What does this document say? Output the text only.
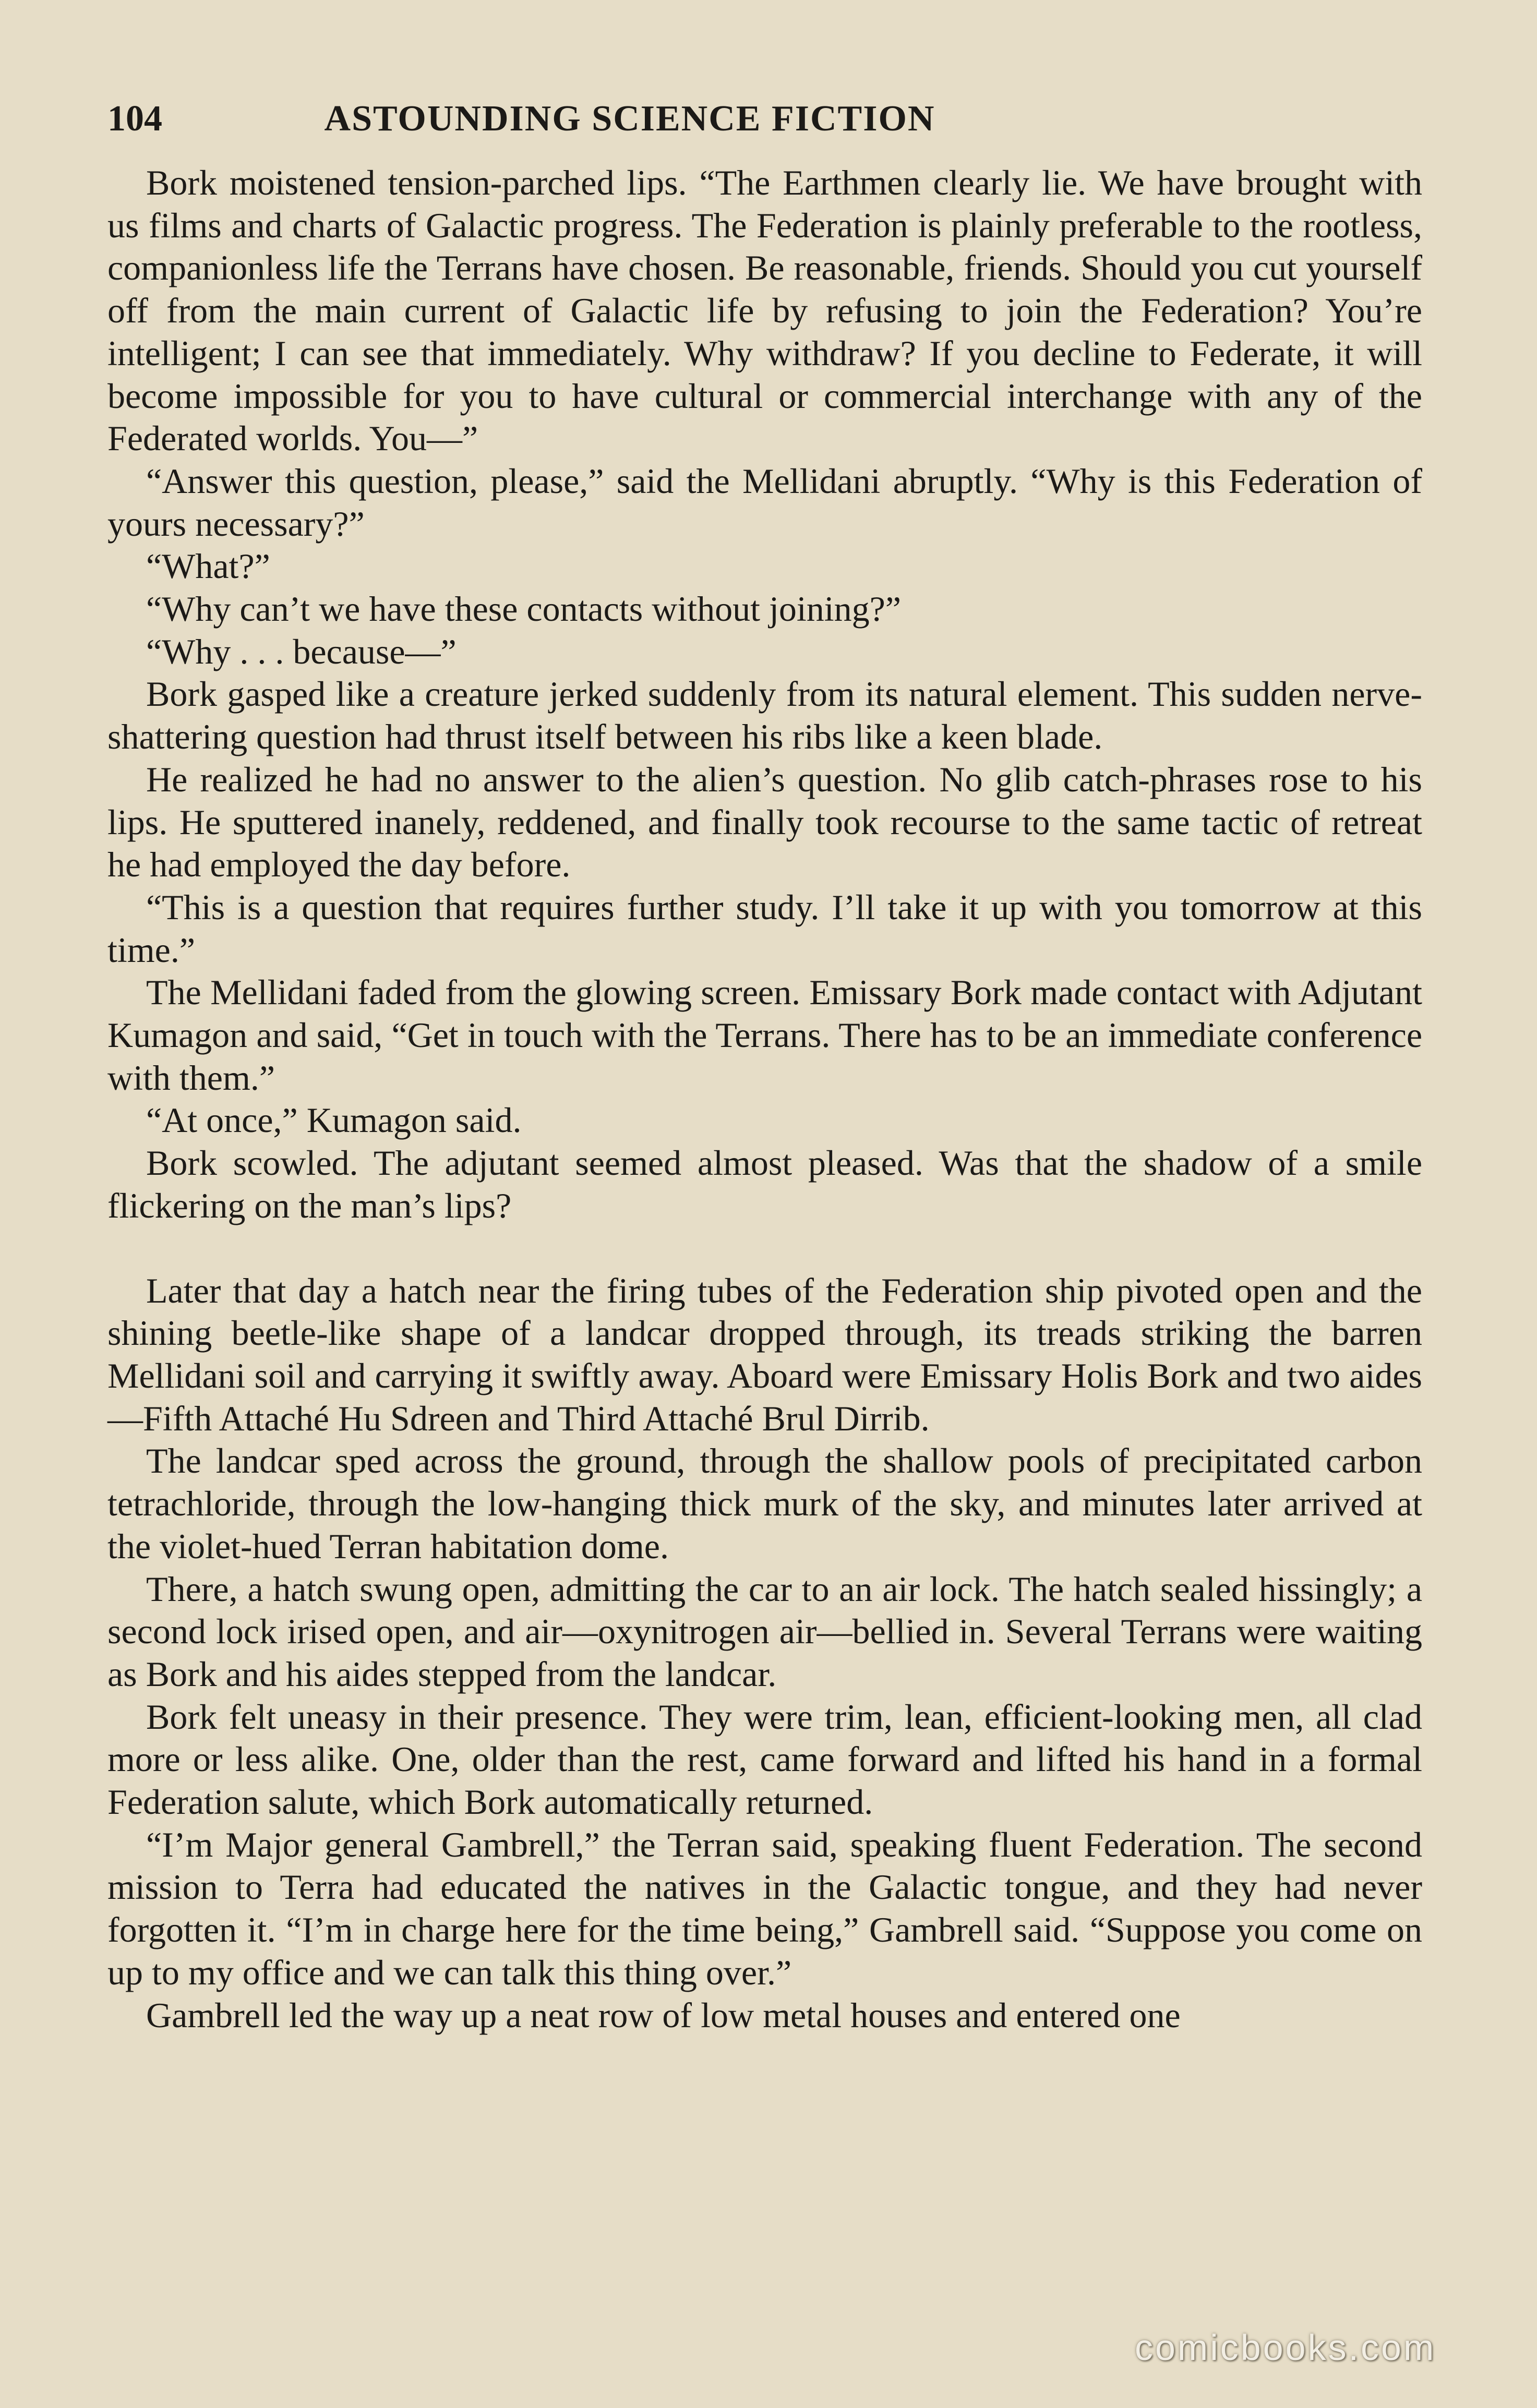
104	ASTOUNDING SCIENCE FICTION

Bork moistened tension-parched lips. “The Earthmen clearly lie. We have brought with us films and charts of Galactic progress. The Federation is plainly preferable to the rootless, companionless life the Terrans have chosen. Be reasonable, friends. Should you cut yourself off from the main current of Galactic life by refusing to join the Federation? You’re intelligent; I can see that immediately. Why withdraw? If you decline to Federate, it will become impossible for you to have cultural or commercial interchange with any of the Federated worlds. You—”

“Answer this question, please,” said the Mellidani abruptly. “Why is this Federation of yours necessary?”

“What?”

“Why can’t we have these contacts without joining?”

“Why . . . because—”

Bork gasped like a creature jerked suddenly from its natural element. This sudden nerve-shattering question had thrust itself between his ribs like a keen blade.

He realized he had no answer to the alien’s question. No glib catch-phrases rose to his lips. He sputtered inanely, reddened, and finally took recourse to the same tactic of retreat he had employed the day before.

“This is a question that requires further study. I’ll take it up with you tomorrow at this time.”

The Mellidani faded from the glowing screen. Emissary Bork made contact with Adjutant Kumagon and said, “Get in touch with the Terrans. There has to be an immediate conference with them.”

“At once,” Kumagon said.

Bork scowled. The adjutant seemed almost pleased. Was that the shadow of a smile flickering on the man’s lips?

Later that day a hatch near the firing tubes of the Federation ship pivoted open and the shining beetle-like shape of a landcar dropped through, its treads striking the barren Mellidani soil and carrying it swiftly away. Aboard were Emissary Holis Bork and two aides—Fifth Attaché Hu Sdreen and Third Attaché Brul Dirrib.

The landcar sped across the ground, through the shallow pools of precipitated carbon tetrachloride, through the low-hanging thick murk of the sky, and minutes later arrived at the violet-hued Terran habitation dome.

There, a hatch swung open, admitting the car to an air lock. The hatch sealed hissingly; a second lock irised open, and air—oxynitrogen air—bellied in. Several Terrans were waiting as Bork and his aides stepped from the landcar.

Bork felt uneasy in their presence. They were trim, lean, efficient-looking men, all clad more or less alike. One, older than the rest, came forward and lifted his hand in a formal Federation salute, which Bork automatically returned.

“I’m Major general Gambrell,” the Terran said, speaking fluent Federation. The second mission to Terra had educated the natives in the Galactic tongue, and they had never forgotten it. “I’m in charge here for the time being,” Gambrell said. “Suppose you come on up to my office and we can talk this thing over.”

Gambrell led the way up a neat row of low metal houses and entered one

comicbooks.com
